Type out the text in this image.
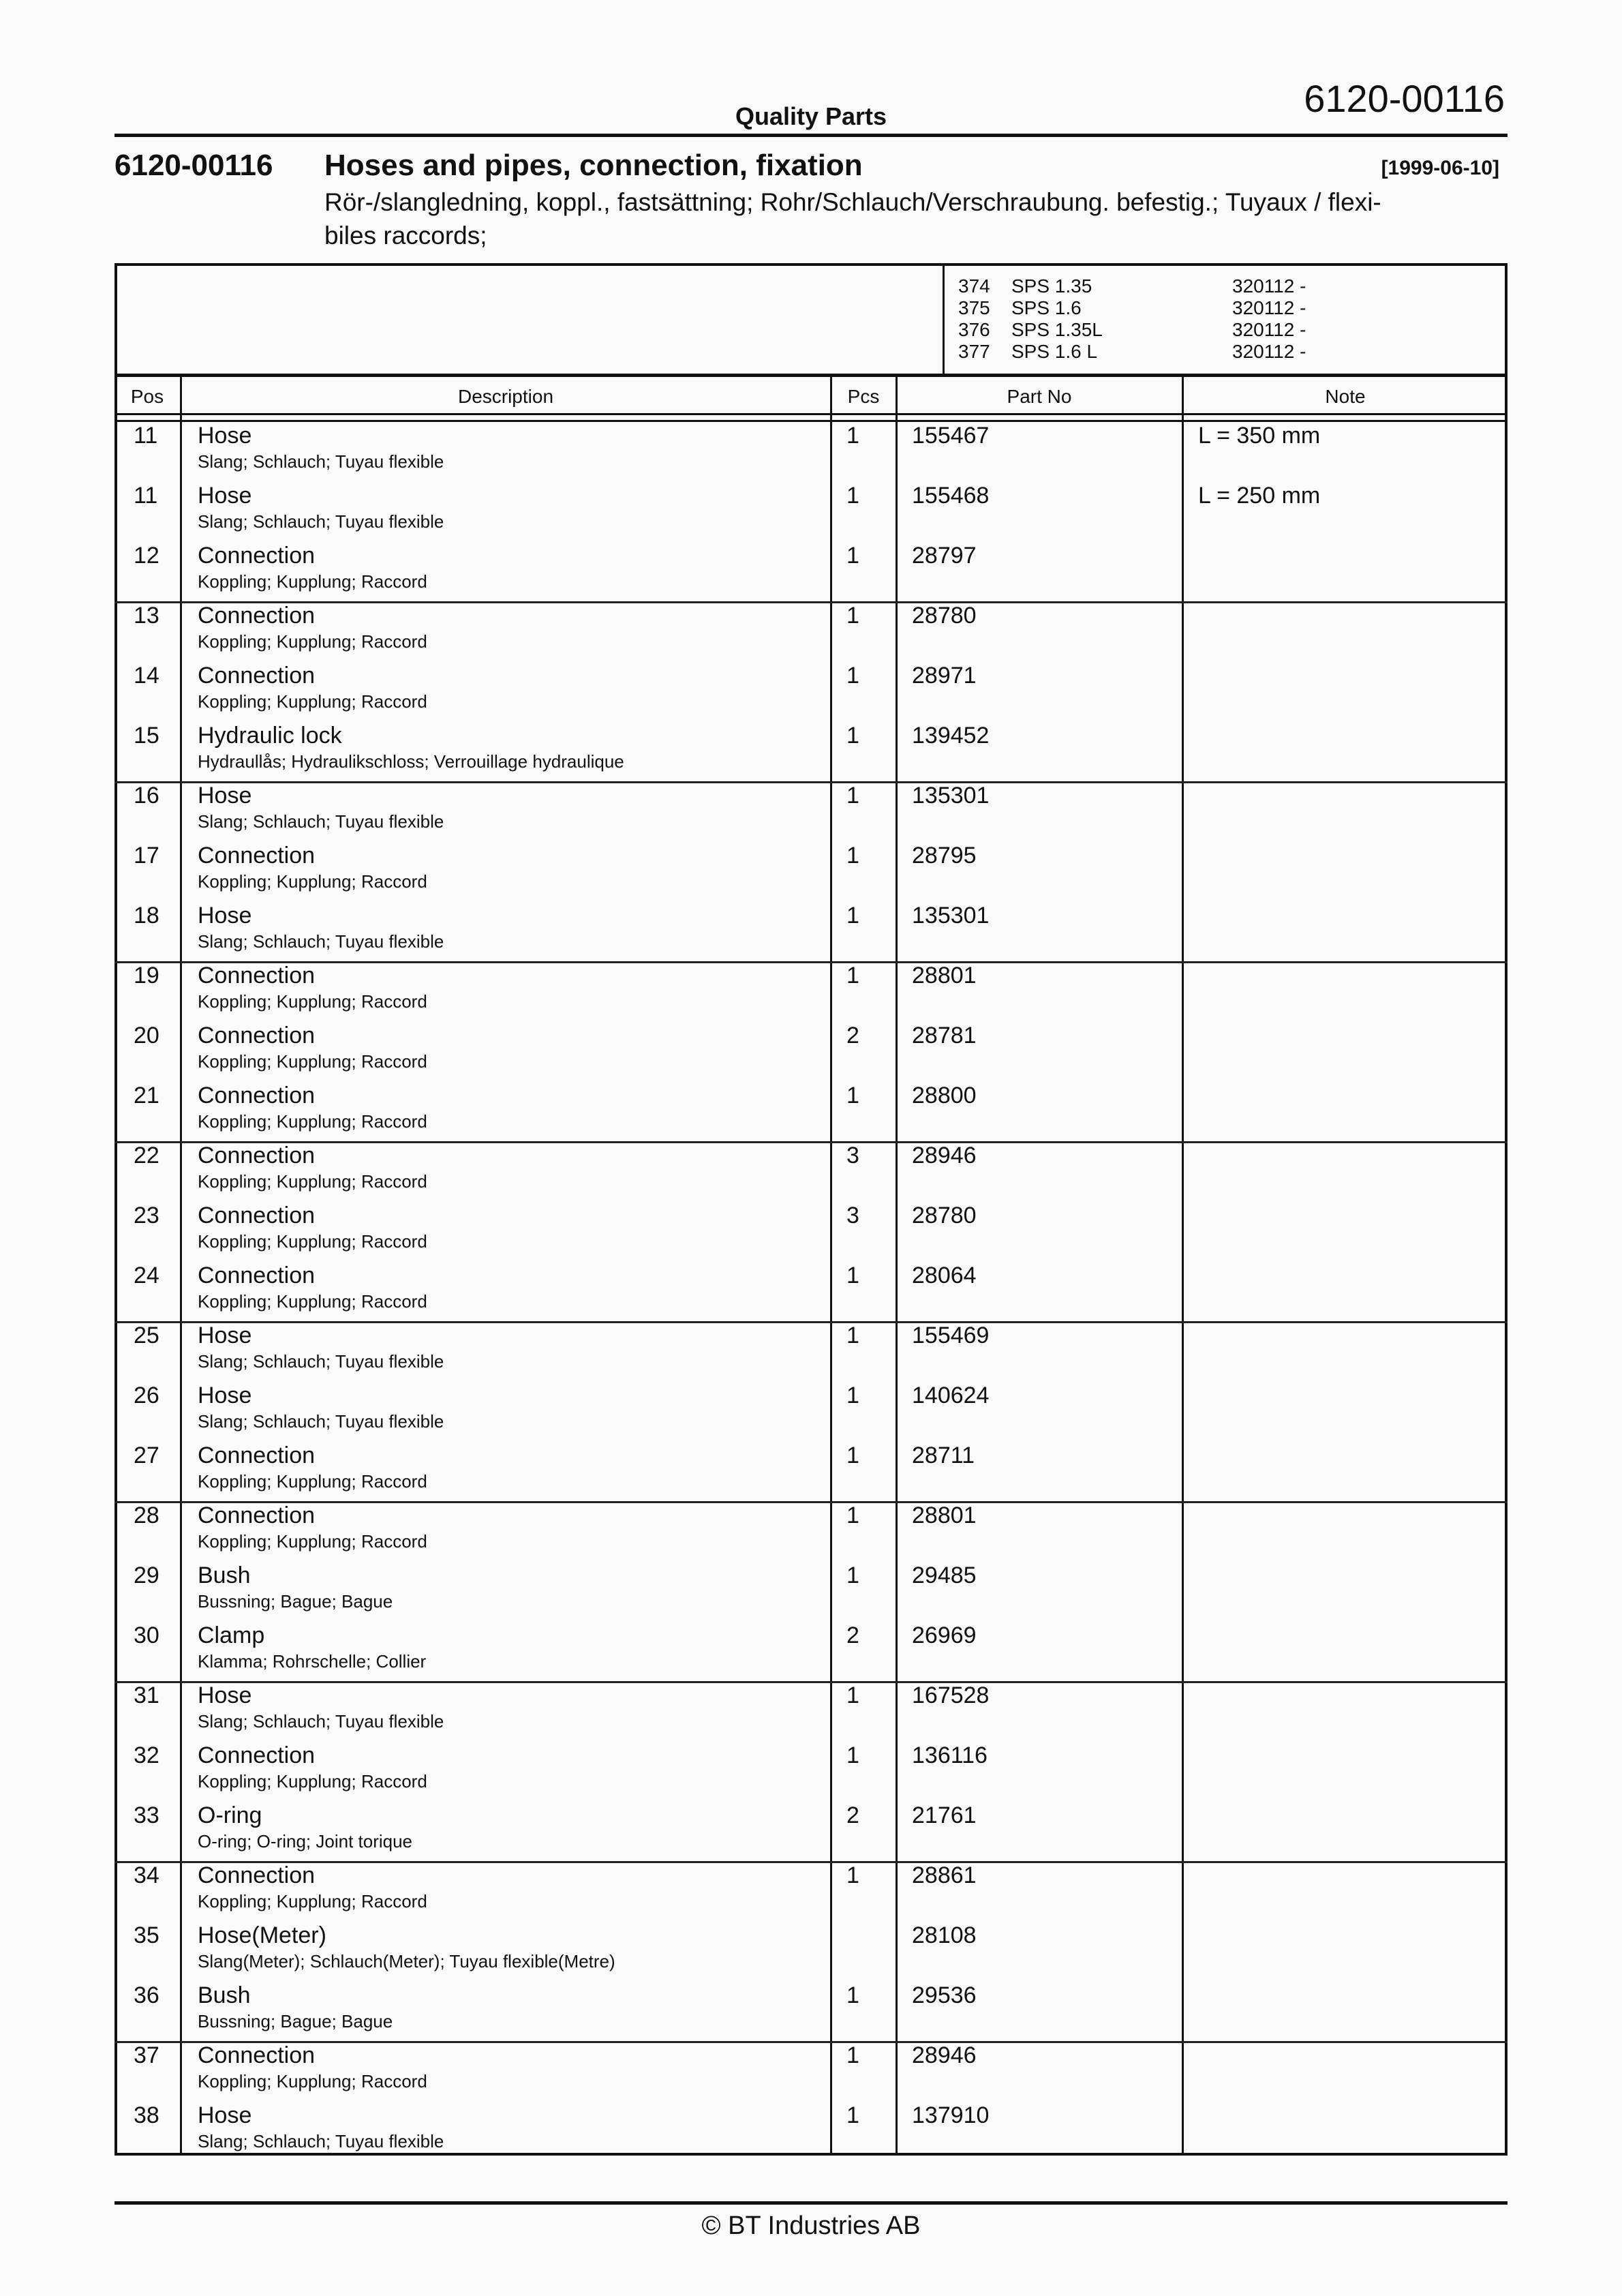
6120-00116
Quality Parts
6120-00116 Hoses and pipes, connection, fixation	[1999-06-10]
Rör-/slangledning, koppl., fastsättning; Rohr/Schlauch/Verschraubung. befestig.; Tuyaux / flexi-
biles raccords;
374 SPS 1.35	320112 -
375 SPS 1.6	320112 -
376 SPS 1.35L	320112 -
377 SPS 1.6 L	320112 -
Pos	Description	Pcs	Part No	Note
11 Hose
Slang; Schlauch; Tuyau flexible
1 155467	L = 350 mm
11 Hose
Slang; Schlauch; Tuyau flexible
1 155468	L = 250 mm
12 Connection
Koppling; Kupplung; Raccord
1 28797
13 Connection
Koppling; Kupplung; Raccord
1 28780
14 Connection
Koppling; Kupplung; Raccord
1 28971
15 Hydraulic lock
Hydraullås; Hydraulikschloss; Verrouillage hydraulique
1 139452
16 Hose
Slang; Schlauch; Tuyau flexible
1 135301
17 Connection
Koppling; Kupplung; Raccord
1 28795
18 Hose
Slang; Schlauch; Tuyau flexible
1 135301
19 Connection
Koppling; Kupplung; Raccord
1 28801
20 Connection
Koppling; Kupplung; Raccord
2 28781
21 Connection
Koppling; Kupplung; Raccord
1 28800
22 Connection
Koppling; Kupplung; Raccord
3 28946
23 Connection
Koppling; Kupplung; Raccord
3 28780
24 Connection
Koppling; Kupplung; Raccord
1 28064
25 Hose
Slang; Schlauch; Tuyau flexible
1 155469
26 Hose
Slang; Schlauch; Tuyau flexible
1 140624
27 Connection
Koppling; Kupplung; Raccord
1 28711
28 Connection
Koppling; Kupplung; Raccord
1 28801
29 Bush
Bussning; Bague; Bague
1 29485
30 Clamp
Klamma; Rohrschelle; Collier
2 26969
31 Hose
Slang; Schlauch; Tuyau flexible
1 167528
32 Connection
Koppling; Kupplung; Raccord
1 136116
33 O-ring
O-ring; O-ring; Joint torique
2 21761
34 Connection
Koppling; Kupplung; Raccord
1 28861
35 Hose(Meter)
Slang(Meter); Schlauch(Meter); Tuyau flexible(Metre)
28108
36 Bush
Bussning; Bague; Bague
1 29536
37 Connection
Koppling; Kupplung; Raccord
1 28946
38 Hose
Slang; Schlauch; Tuyau flexible
1 137910
© BT Industries AB
